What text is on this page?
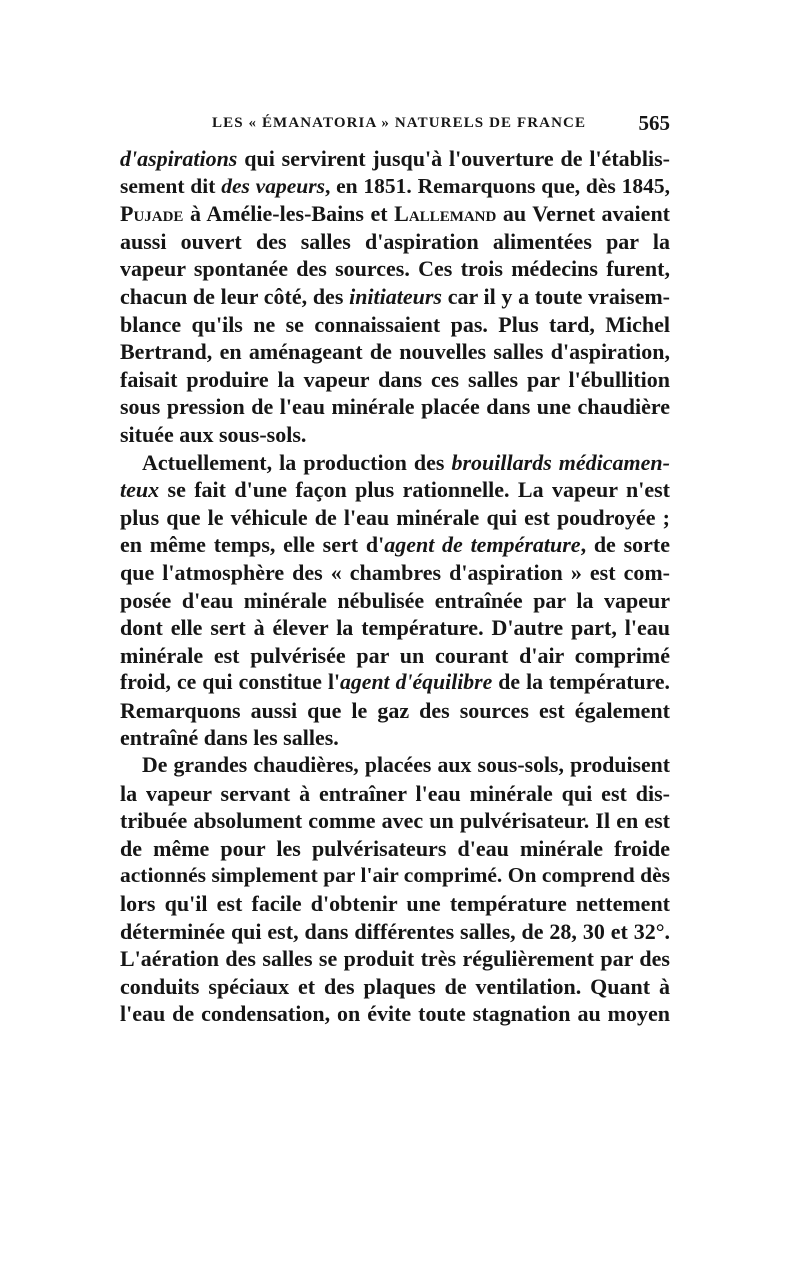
LES « ÉMANATORIA » NATURELS DE FRANCE 565
d'aspirations qui servirent jusqu'à l'ouverture de l'établis-
sement dit des vapeurs, en 1851. Remarquons que, dès 1845,
Pujade à Amélie-les-Bains et Lallemand au Vernet avaient
aussi ouvert des salles d'aspiration alimentées par la
vapeur spontanée des sources. Ces trois médecins furent,
chacun de leur côté, des initiateurs car il y a toute vraisem-
blance qu'ils ne se connaissaient pas. Plus tard, Michel
Bertrand, en aménageant de nouvelles salles d'aspiration,
faisait produire la vapeur dans ces salles par l'ébullition
sous pression de l'eau minérale placée dans une chaudière
située aux sous-sols.
Actuellement, la production des brouillards médicamen-
teux se fait d'une façon plus rationnelle. La vapeur n'est
plus que le véhicule de l'eau minérale qui est poudroyée ;
en même temps, elle sert d'agent de température, de sorte
que l'atmosphère des « chambres d'aspiration » est com-
posée d'eau minérale nébulisée entraînée par la vapeur
dont elle sert à élever la température. D'autre part, l'eau
minérale est pulvérisée par un courant d'air comprimé
froid, ce qui constitue l'agent d'équilibre de la température.
Remarquons aussi que le gaz des sources est également
entraîné dans les salles.
De grandes chaudières, placées aux sous-sols, produisent
la vapeur servant à entraîner l'eau minérale qui est dis-
tribuée absolument comme avec un pulvérisateur. Il en est
de même pour les pulvérisateurs d'eau minérale froide
actionnés simplement par l'air comprimé. On comprend dès
lors qu'il est facile d'obtenir une température nettement
déterminée qui est, dans différentes salles, de 28, 30 et 32°.
L'aération des salles se produit très régulièrement par des
conduits spéciaux et des plaques de ventilation. Quant à
l'eau de condensation, on évite toute stagnation au moyen
